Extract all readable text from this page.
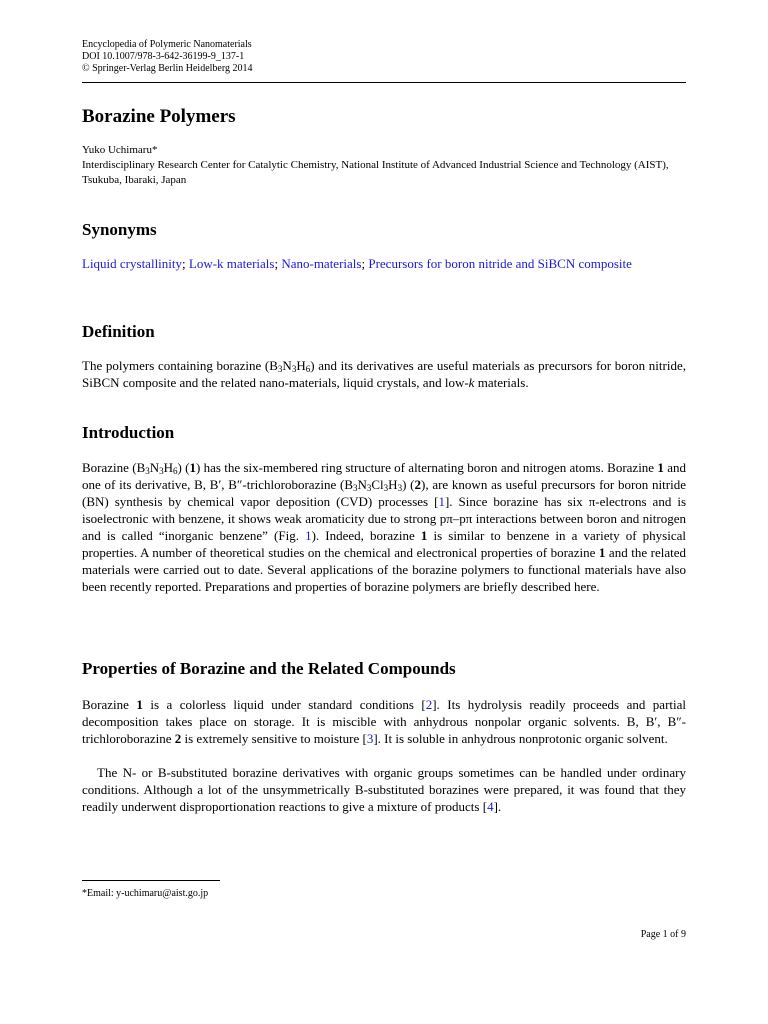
Encyclopedia of Polymeric Nanomaterials
DOI 10.1007/978-3-642-36199-9_137-1
© Springer-Verlag Berlin Heidelberg 2014
Borazine Polymers
Yuko Uchimaru*
Interdisciplinary Research Center for Catalytic Chemistry, National Institute of Advanced Industrial Science and Technology (AIST), Tsukuba, Ibaraki, Japan
Synonyms

Liquid crystallinity; Low-k materials; Nano-materials; Precursors for boron nitride and SiBCN composite

Definition

The polymers containing borazine $(B_3N_3H_6)$ and its derivatives are useful materials as precursors for boron nitride, SiBCN composite and the related nano-materials, liquid crystals, and low-k materials.

Introduction

Borazine $(B_3N_3H_6)$ (1) has the six-membered ring structure of alternating boron and nitrogen atoms. Borazine 1 and one of its derivative, B, B′, B″-trichloroborazine $(B_3N_3Cl_3H_3)$ (2), are known as useful precursors for boron nitride (BN) synthesis by chemical vapor deposition (CVD) processes [1]. Since borazine has six π-electrons and is isoelectronic with benzene, it shows weak aromaticity due to strong pπ–pπ interactions between boron and nitrogen and is called “inorganic benzene” (Fig. 1). Indeed, borazine 1 is similar to benzene in a variety of physical properties. A number of theoretical studies on the chemical and electronical properties of borazine 1 and the related materials were carried out to date. Several applications of the borazine polymers to functional materials have also been recently reported. Preparations and properties of borazine polymers are briefly described here.

Properties of Borazine and the Related Compounds

Borazine 1 is a colorless liquid under standard conditions [2]. Its hydrolysis readily proceeds and partial decomposition takes place on storage. It is miscible with anhydrous nonpolar organic solvents. B, B′, B″-trichloroborazine 2 is extremely sensitive to moisture [3]. It is soluble in anhydrous nonprotonic organic solvent.

The N- or B-substituted borazine derivatives with organic groups sometimes can be handled under ordinary conditions. Although a lot of the unsymmetrically B-substituted borazines were prepared, it was found that they readily underwent disproportionation reactions to give a mixture of products [4].

*Email: y-uchimaru@aist.go.jp
Page 1 of 9
